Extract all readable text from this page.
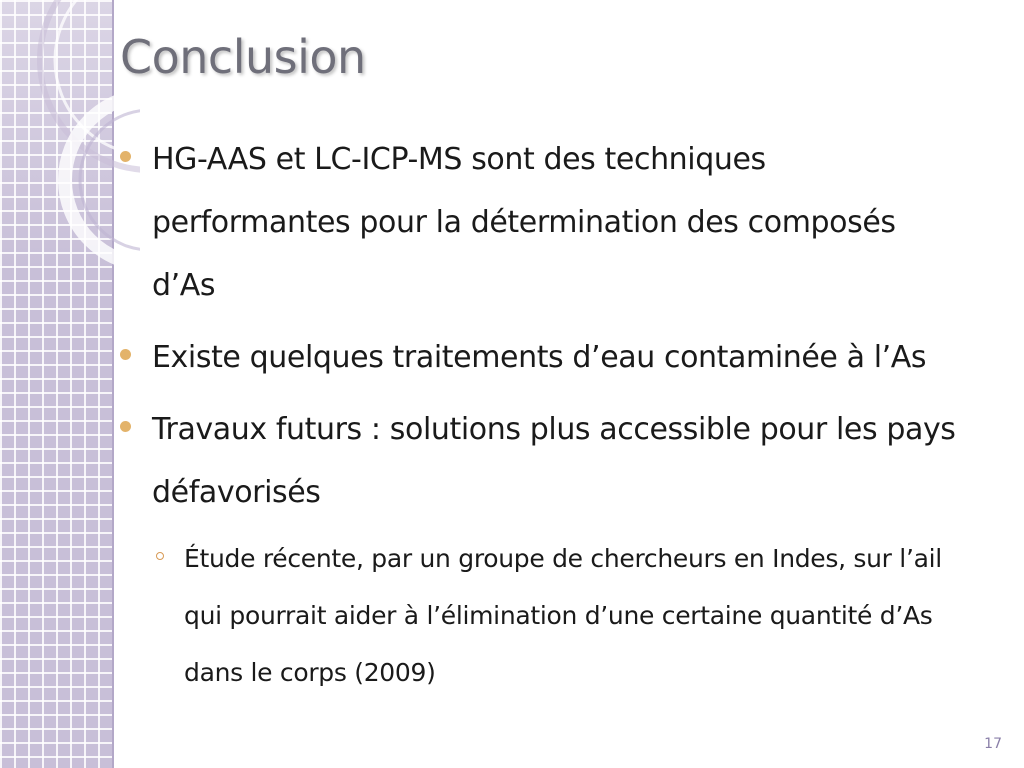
Conclusion
HG-AAS et LC-ICP-MS sont des techniques performantes pour la détermination des composés d’As
Existe quelques traitements d’eau contaminée à l’As
Travaux futurs : solutions plus accessible pour les pays défavorisés
Étude récente, par un groupe de chercheurs en Indes, sur l’ail qui pourrait aider à l’élimination d’une certaine quantité d’As dans le corps (2009)
17
